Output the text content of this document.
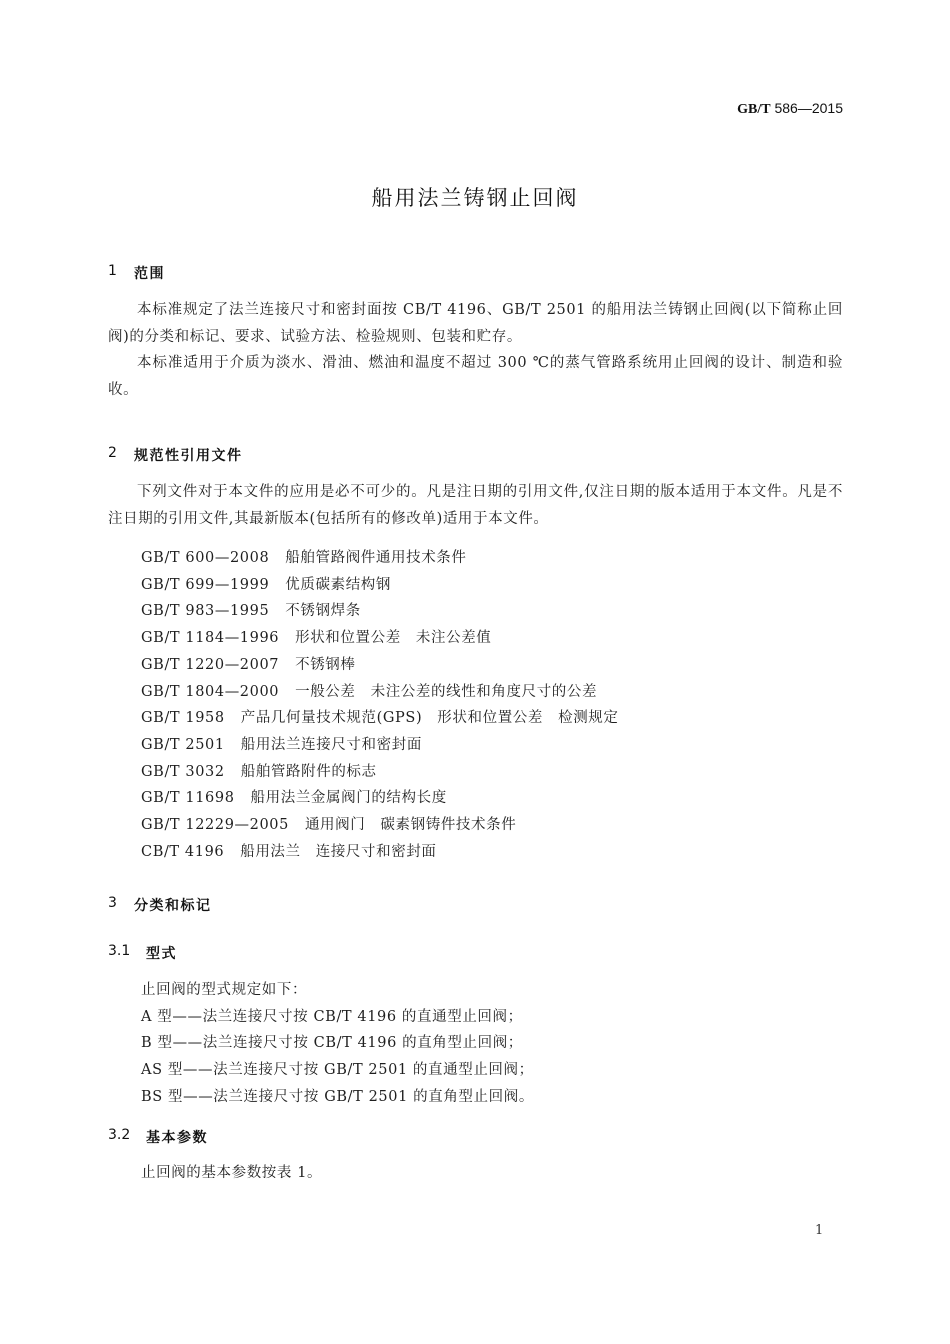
GB/T 586—2015
船用法兰铸钢止回阀
1	范围

本标准规定了法兰连接尺寸和密封面按 CB/T 4196、GB/T 2501 的船用法兰铸钢止回阀(以下简称止回阀)的分类和标记、要求、试验方法、检验规则、包装和贮存。

本标准适用于介质为淡水、滑油、燃油和温度不超过 300 ℃的蒸气管路系统用止回阀的设计、制造和验收。

2	规范性引用文件

下列文件对于本文件的应用是必不可少的。凡是注日期的引用文件,仅注日期的版本适用于本文件。凡是不注日期的引用文件,其最新版本(包括所有的修改单)适用于本文件。

GB/T 600—2008 船舶管路阀件通用技术条件
GB/T 699—1999 优质碳素结构钢
GB/T 983—1995 不锈钢焊条
GB/T 1184—1996 形状和位置公差　未注公差值
GB/T 1220—2007 不锈钢棒
GB/T 1804—2000 一般公差　未注公差的线性和角度尺寸的公差
GB/T 1958 产品几何量技术规范(GPS)　形状和位置公差　检测规定
GB/T 2501 船用法兰连接尺寸和密封面
GB/T 3032 船舶管路附件的标志
GB/T 11698 船用法兰金属阀门的结构长度
GB/T 12229—2005 通用阀门　碳素钢铸件技术条件
CB/T 4196 船用法兰　连接尺寸和密封面
3	分类和标记
3.1	型式
止回阀的型式规定如下：
A 型——法兰连接尺寸按 CB/T 4196 的直通型止回阀；
B 型——法兰连接尺寸按 CB/T 4196 的直角型止回阀；
AS 型——法兰连接尺寸按 GB/T 2501 的直通型止回阀；
BS 型——法兰连接尺寸按 GB/T 2501 的直角型止回阀。
3.2	基本参数
止回阀的基本参数按表 1。
1
